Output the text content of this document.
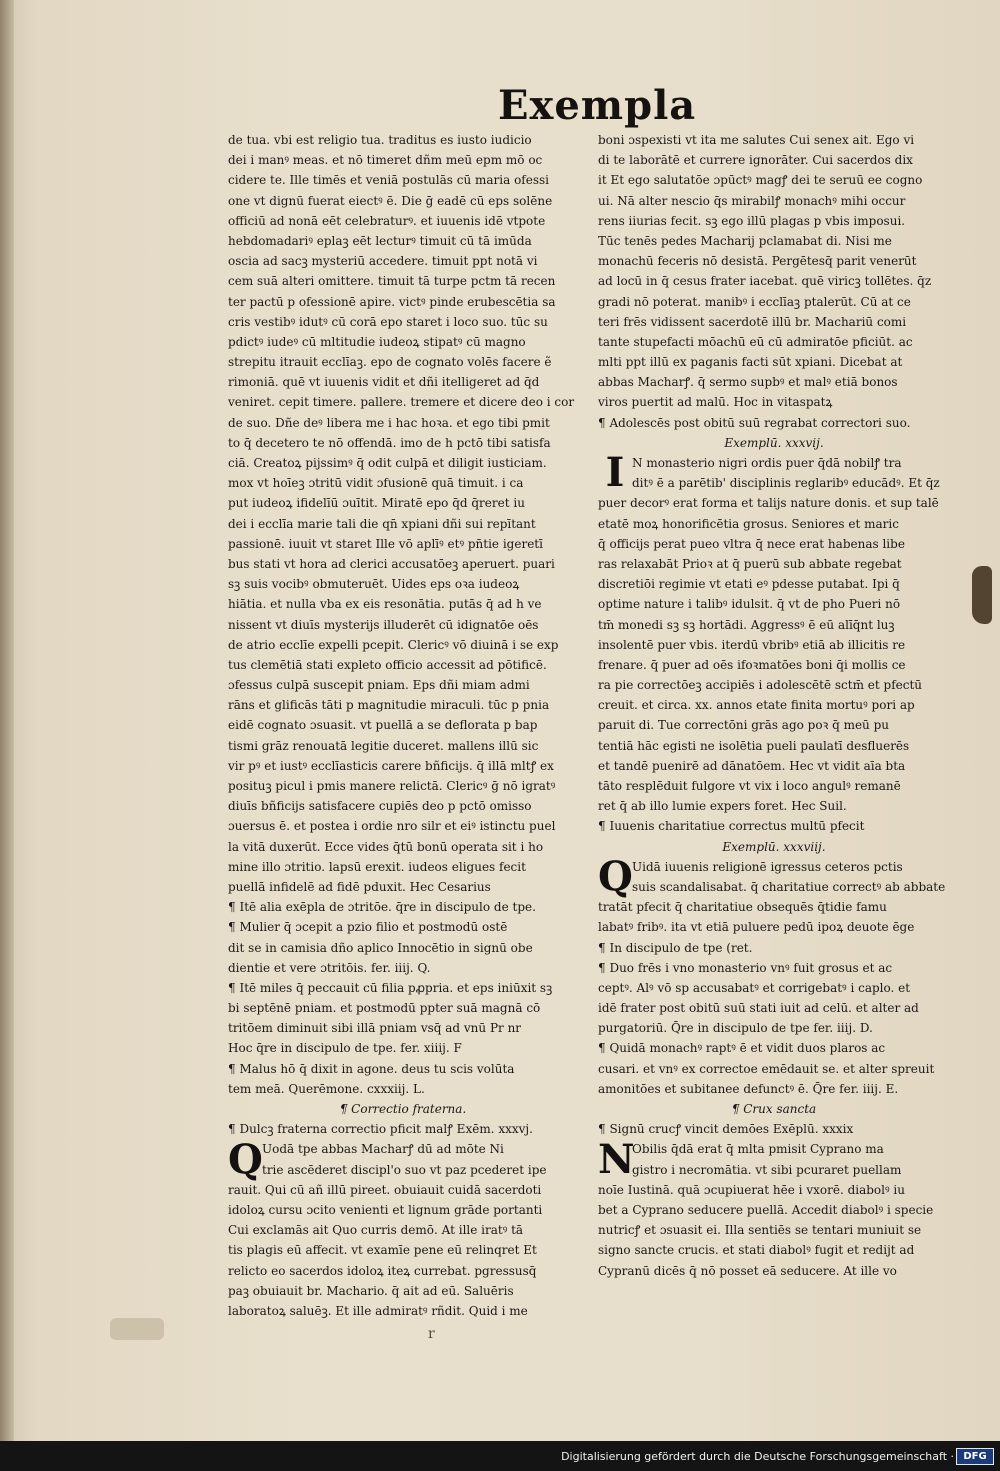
Exempla
de tua. vbi est religio tua. traditus es iusto iudicio
dei i manꝰ meas. et nō timeret dñm meū epm mō oc
cidere te. Ille timēs et veniā postulās cū maria ofessi
one vt dignū fuerat eiectꝰ ē. Die ḡ eadē cū eps solēne
officiū ad nonā eēt celebraturꝰ. et iuuenis idē vtpote
hebdomadariꝰ eplaꝫ eēt lecturꝰ timuit cū tā imūda
oscia ad sacꝫ mysteriū accedere. timuit ppt notā vi
cem suā alteri omittere. timuit tā turpe pctm tā recen
ter pactū p ofessionē apire. victꝰ pinde erubescētia sa
cris vestibꝰ idutꝰ cū corā epo staret i loco suo. tūc su
pdictꝰ iudeꝰ cū mltitudie iudeoꝝ stipatꝰ cū magno
strepitu itrauit ecclīaꝫ. epo de cognato volēs facere ẽ
rimoniā. quē vt iuuenis vidit et dñi itelligeret ad q̄d
veniret. cepit timere. pallere. tremere et dicere deo i cor
de suo. Dñe deꝰ libera me i hac hoꝛa. et ego tibi pmit
to q̄ decetero te nō offendā. imo de h pctō tibi satisfa
ciā. Creatoꝝ pijssimꝰ q̄ odit culpā et diligit iusticiam.
mox vt hoīeꝫ ɔtritū vidit ɔfusionē quā timuit. i ca
put iudeoꝝ ifidelīū ɔuītit. Miratē epo q̄d q̄reret iu
dei i ecclīa marie tali die qn̄ xpiani dñi sui repītant
passionē. iuuit vt staret Ille vō aplīꝰ etꝰ pn̄tie igeretī
bus stati vt hora ad clerici accusatōeꝫ aperuert. puari
sꝫ suis vocibꝰ obmuteruēt. Uides eps oꝛa iudeoꝝ
hiātia. et nulla vba ex eis resonātia. putās q̄ ad h ve
nissent vt diuīs mysterijs illuderēt cū idignatōe oēs
de atrio ecclīe expelli pcepit. Clericꝰ vō diuinā i se exp
tus clemētiā stati expleto officio accessit ad pōtificē.
ɔfessus culpā suscepit pniam. Eps dñi miam admi
rāns et glificās tāti p magnitudie miraculi. tūc p pnia
eidē cognato ɔsuasit. vt puellā a se deflorata p bap
tismi grāz renouatā legitie duceret. mallens illū sic
vir pꝰ et iustꝰ ecclīasticis carere bñficijs. q̄ illā mltꝭ ex
posituꝫ picul i pmis manere relictā. Clericꝰ ḡ nō igratꝰ
diuīs bñficijs satisfacere cupiēs deo p pctō omisso
ɔuersus ē. et postea i ordie nro silr et eiꝰ istinctu puel
la vitā duxerūt. Ecce vides q̄tū bonū operata sit i ho
mine illo ɔtritio. lapsū erexit. iudeos eligues fecit
puellā infidelē ad fidē pduxit. Hec Cesarius
¶ Itē alia exēpla de ɔtritōe. q̄re in discipulo de tpe.
¶ Mulier q̄ ɔcepit a pzio filio et postmodū ostē
dit se in camisia dño aplico Innocētio in signū obe
dientie et vere ɔtritōis. fer. iiij. Q.
¶ Itē miles q̄ peccauit cū filia pꝓpria. et eps iniūxit sꝫ
bi septēnē pniam. et postmodū ppter suā magnā cō
tritōem diminuit sibi illā pniam vsq̄ ad vnū Pr nr
Hoc q̄re in discipulo de tpe. fer. xiiij. F
¶ Malus hō q̄ dixit in agone. deus tu scis volūta
tem meā. Querēmone. cxxxiij. L.
¶ Correctio fraterna.
¶ Dulcꝫ fraterna correctio pficit malꝭ Exēm. xxxvj.
Q Uodā tpe abbas Macharꝭ dū ad mōte Ni
trie ascēderet discipl'o suo vt paz pcederet ipe
rauit. Qui cū añ illū pireet. obuiauit cuidā sacerdoti
idoloꝝ cursu ɔcito venienti et lignum grāde portanti
Cui exclamās ait Quo curris demō. At ille iratꝰ tā
tis plagis eū affecit. vt examīe pene eū relinqret Et
relicto eo sacerdos idoloꝝ iteꝝ currebat. pgressusq̄
paꝫ obuiauit br. Machario. q̄ ait ad eū. Saluēris
laboratoꝝ saluēꝫ. Et ille admiratꝰ rñdit. Quid i me
boni ɔspexisti vt ita me salutes Cui senex ait. Ego vi
di te laborātē et currere ignorāter. Cui sacerdos dix
it Et ego salutatōe ɔpūctꝰ magꝭ dei te seruū ee cogno
ui. Nā alter nescio q̄s mirabilꝭ monachꝰ mihi occur
rens iiurias fecit. sꝫ ego illū plagas p vbis imposui.
Tūc tenēs pedes Macharij pclamabat di. Nisi me
monachū feceris nō desistā. Pergētesq̄ parit venerūt
ad locū in q̄ cesus frater iacebat. quē viricꝫ tollētes. q̄z
gradi nō poterat. manibꝰ i ecclīaꝫ ptalerūt. Cū at ce
teri frēs vidissent sacerdotē illū br. Machariū comi
tante stupefacti mōachū eū cū admiratōe pficiūt. ac
mlti ppt illū ex paganis facti sūt xpiani. Dicebat at
abbas Macharꝭ. q̄ sermo supbꝰ et malꝰ etiā bonos
viros puertit ad malū. Hoc in vitaspatꝝ
¶ Adolescēs post obitū suū regrabat correctori suo.
Exemplū. xxxvij.
I N monasterio nigri ordis puer q̄dā nobilꝭ tra
ditꝰ ē a parētib' disciplinis reglaribꝰ educādꝰ. Et q̄z
puer decorꝰ erat forma et talijs nature donis. et sup talē
etatē moꝝ honorificētia grosus. Seniores et maric
q̄ officijs perat pueo vltra q̄ nece erat habenas libe
ras relaxabāt Prioꝛ at q̄ puerū sub abbate regebat
discretiōi regimie vt etati eꝰ pdesse putabat. Ipi q̄
optime nature i talibꝰ idulsit. q̄ vt de pho Pueri nō
tm̄ monedi sꝫ sꝫ hortādi. Aggressꝰ ē eū alīq̄nt luꝫ
insolentē puer vbis. iterdū vbribꝰ etiā ab illicitis re
frenare. q̄ puer ad oēs ifoꝛmatōes boni q̄i mollis ce
ra pie correctōeꝫ accipiēs i adolescētē sctm̄ et pfectū
creuit. et circa. xx. annos etate finita mortuꝰ pori ap
paruit di. Tue correctōni grās ago poꝛ q̄ meū pu
tentiā hāc egisti ne isolētia pueli paulatī desfluerēs
et tandē puenirē ad dānatōem. Hec vt vidit aīa bta
tāto resplēduit fulgore vt vix i loco angulꝰ remanē
ret q̄ ab illo lumie expers foret. Hec Suil.
¶ Iuuenis charitatiue correctus multū pfecit
Exemplū. xxxviij.
Q Uidā iuuenis religionē igressus ceteros pctis
suis scandalisabat. q̄ charitatiue correctꝰ ab abbate
tratāt pfecit q̄ charitatiue obsequēs q̄tidie famu
labatꝰ fribꝰ. ita vt etiā puluere pedū ipoꝝ deuote ēge
¶ In discipulo de tpe (ret.
¶ Duo frēs i vno monasterio vnꝰ fuit grosus et ac
ceptꝰ. Alꝰ vō sp accusabatꝰ et corrigebatꝰ i caplo. et
idē frater post obitū suū stati iuit ad celū. et alter ad
purgatoriū. Q̄re in discipulo de tpe fer. iiij. D.
¶ Quidā monachꝰ raptꝰ ē et vidit duos plaros ac
cusari. et vnꝰ ex correctoe emēdauit se. et alter spreuit
amonitōes et subitanee defunctꝰ ē. Q̄re fer. iiij. E.
¶ Crux sancta
¶ Signū crucꝭ vincit demōes Exēplū. xxxix
N
Obilis q̄dā erat q̄ mlta pmisit Cyprano ma
gistro i necromātia. vt sibi pcuraret puellam
noīe Iustinā. quā ɔcupiuerat hēe i vxorē. diabolꝰ iu
bet a Cyprano seducere puellā. Accedit diabolꝰ i specie
nutricꝭ et ɔsuasit ei. Illa sentiēs se tentari muniuit se
signo sancte crucis. et stati diabolꝰ fugit et redijt ad
Cypranū dicēs q̄ nō posset eā seducere. At ille vo
r
Digitalisierung gefördert durch die Deutsche Forschungsgemeinschaft · DFG
